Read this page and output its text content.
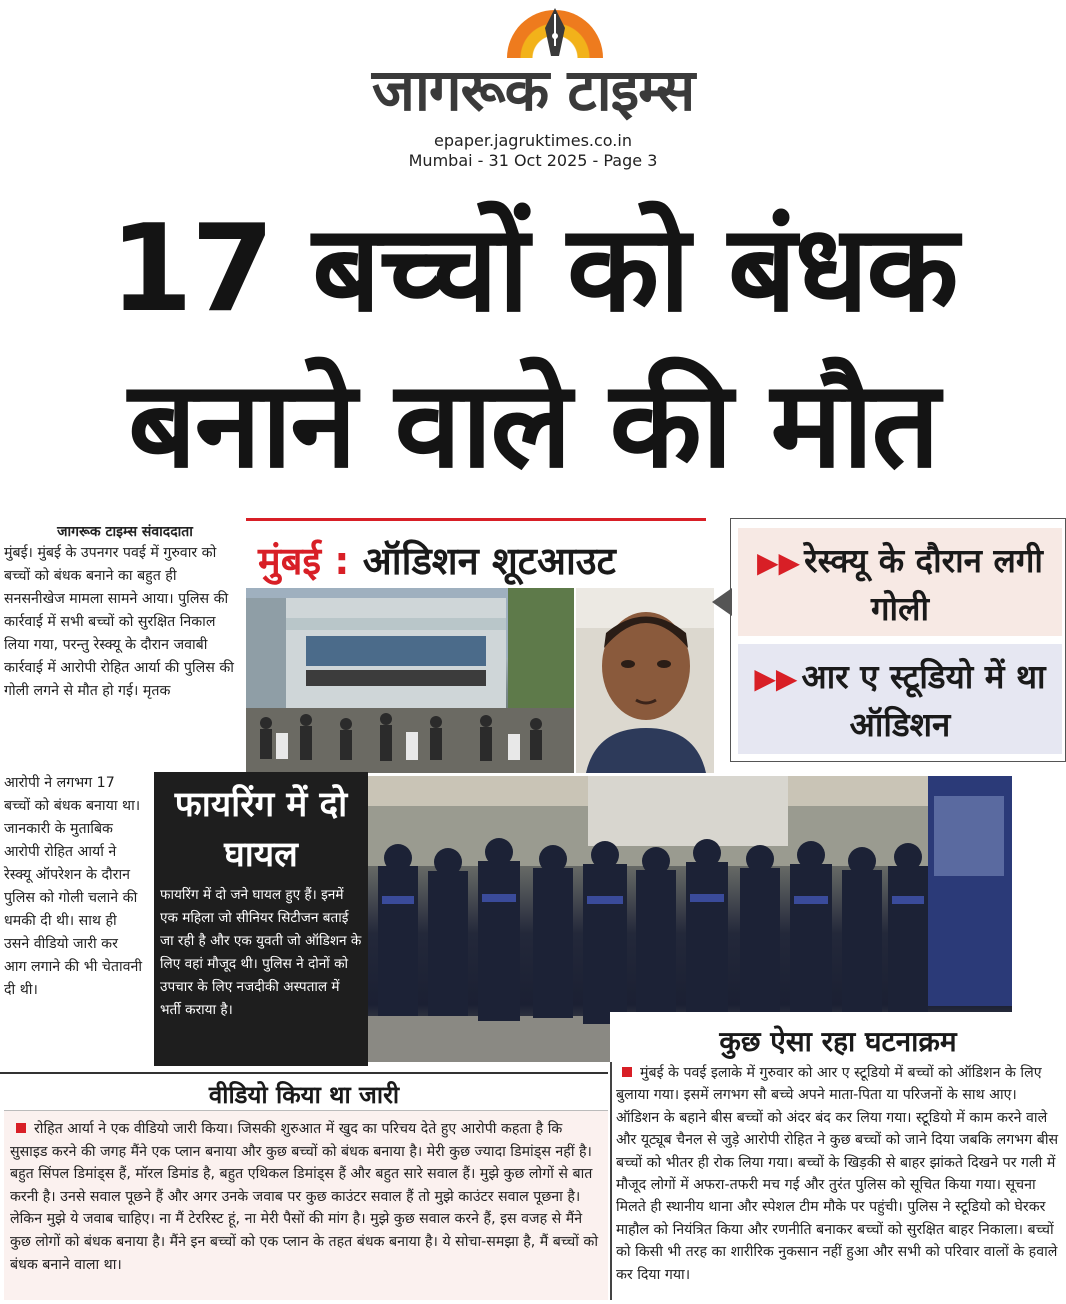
जागरूक टाइम्स
epaper.jagruktimes.co.in
Mumbai - 31 Oct 2025 - Page 3
17 बच्चों को बंधक
बनाने वाले की मौत
जागरूक टाइम्स संवाददाता
मुंबई। मुंबई के उपनगर पवई में गुरुवार को बच्चों को बंधक बनाने का बहुत ही सनसनीखेज मामला सामने आया। पुलिस की कार्रवाई में सभी बच्चों को सुरक्षित निकाल लिया गया, परन्तु रेस्क्यू के दौरान जवाबी कार्रवाई में आरोपी रोहित आर्या की पुलिस की गोली लगने से मौत हो गई। मृतक
आरोपी ने लगभग 17 बच्चों को बंधक बनाया था। जानकारी के मुताबिक आरोपी रोहित आर्या ने रेस्क्यू ऑपरेशन के दौरान पुलिस को गोली चलाने की धमकी दी थी। साथ ही उसने वीडियो जारी कर आग लगाने की भी चेतावनी दी थी।
मुंबई : ऑडिशन शूटआउट	▶▶ रेस्क्यू के दौरान लगी गोली
▶▶ आर ए स्टूडियो में था ऑडिशन
फायरिंग में दो घायल
फायरिंग में दो जने घायल हुए हैं। इनमें एक महिला जो सीनियर सिटीजन बताई जा रही है और एक युवती जो ऑडिशन के लिए वहां मौजूद थी। पुलिस ने दोनों को उपचार के लिए नजदीकी अस्पताल में भर्ती कराया है।
वीडियो किया था जारी
रोहित आर्या ने एक वीडियो जारी किया। जिसकी शुरुआत में खुद का परिचय देते हुए आरोपी कहता है कि सुसाइड करने की जगह मैंने एक प्लान बनाया और कुछ बच्चों को बंधक बनाया है। मेरी कुछ ज्यादा डिमांड्स नहीं है। बहुत सिंपल डिमांड्स हैं, मॉरल डिमांड है, बहुत एथिकल डिमांड्स हैं और बहुत सारे सवाल हैं। मुझे कुछ लोगों से बात करनी है। उनसे सवाल पूछने हैं और अगर उनके जवाब पर कुछ काउंटर सवाल हैं तो मुझे काउंटर सवाल पूछना है। लेकिन मुझे ये जवाब चाहिए। ना मैं टेररिस्ट हूं, ना मेरी पैसों की मांग है। मुझे कुछ सवाल करने हैं, इस वजह से मैंने कुछ लोगों को बंधक बनाया है। मैंने इन बच्चों को एक प्लान के तहत बंधक बनाया है। ये सोचा-समझा है, मैं बच्चों को बंधक बनाने वाला था।
कुछ ऐसा रहा घटनाक्रम
मुंबई के पवई इलाके में गुरुवार को आर ए स्टूडियो में बच्चों को ऑडिशन के लिए बुलाया गया। इसमें लगभग सौ बच्चे अपने माता-पिता या परिजनों के साथ आए। ऑडिशन के बहाने बीस बच्चों को अंदर बंद कर लिया गया। स्टूडियो में काम करने वाले और यूट्यूब चैनल से जुड़े आरोपी रोहित ने कुछ बच्चों को जाने दिया जबकि लगभग बीस बच्चों को भीतर ही रोक लिया गया। बच्चों के खिड़की से बाहर झांकते दिखने पर गली में मौजूद लोगों में अफरा-तफरी मच गई और तुरंत पुलिस को सूचित किया गया। सूचना मिलते ही स्थानीय थाना और स्पेशल टीम मौके पर पहुंची। पुलिस ने स्टूडियो को घेरकर माहौल को नियंत्रित किया और रणनीति बनाकर बच्चों को सुरक्षित बाहर निकाला। बच्चों को किसी भी तरह का शारीरिक नुकसान नहीं हुआ और सभी को परिवार वालों के हवाले कर दिया गया।
